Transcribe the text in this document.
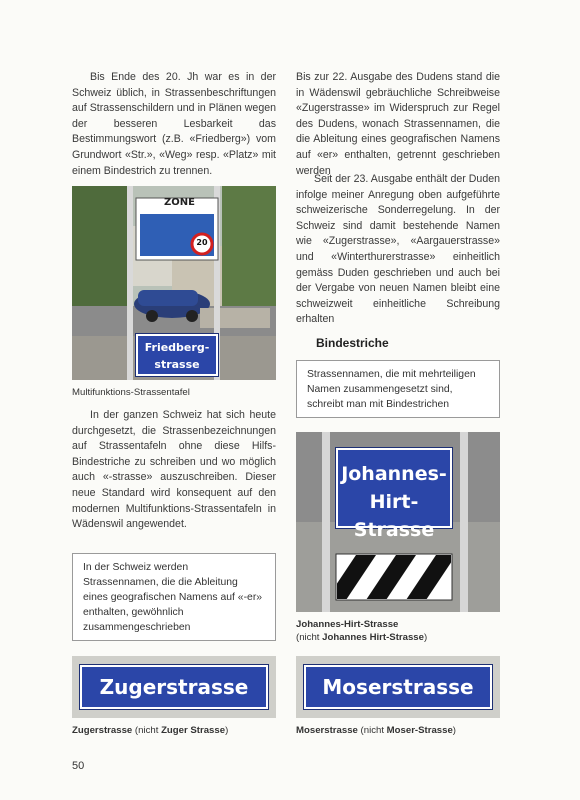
Bis Ende des 20. Jh war es in der Schweiz üblich, in Strassenbeschriftungen auf Strassenschildern und in Plänen wegen der besseren Lesbarkeit das Bestimmungswort (z.B. «Friedberg») vom Grundwort «Str.», «Weg» resp. «Platz» mit einem Bindestrich zu trennen.

ZONE
20
Friedberg-
strasse

Multifunktions-Strassentafel

In der ganzen Schweiz hat sich heute durchgesetzt, die Strassenbezeichnungen auf Strassentafeln ohne diese Hilfs-Bindestriche zu schreiben und wo möglich auch «-strasse» auszuschreiben. Dieser neue Standard wird konsequent auf den modernen Multifunktions-Strassentafeln in Wädenswil angewendet.

In der Schweiz werden Strassennamen, die die Ableitung eines geografischen Namens auf «-er» enthalten, gewöhnlich zusammengeschrieben
Zugerstrasse

Zugerstrasse (nicht Zuger Strasse)

Bis zur 22. Ausgabe des Dudens stand die in Wädenswil gebräuchliche Schreibweise «Zugerstrasse» im Widerspruch zur Regel des Dudens, wonach Strassennamen, die die Ableitung eines geografischen Namens auf «er» enthalten, getrennt geschrieben werden

Seit der 23. Ausgabe enthält der Duden infolge meiner Anregung oben aufgeführte schweizerische Sonderregelung. In der Schweiz sind damit bestehende Namen wie «Zugerstrasse», «Aargauerstrasse» und «Winterthurerstrasse» einheitlich gemäss Duden geschrieben und auch bei der Vergabe von neuen Namen bleibt eine schweizweit einheitliche Schreibung erhalten

Bindestriche
Strassennamen, die mit mehrteiligen Namen zusammengesetzt sind, schreibt man mit Bindestrichen
Johannes-
Hirt-Strasse

Johannes-Hirt-Strasse
(nicht Johannes Hirt-Strasse)

Moserstrasse

Moserstrasse (nicht Moser-Strasse)

50
